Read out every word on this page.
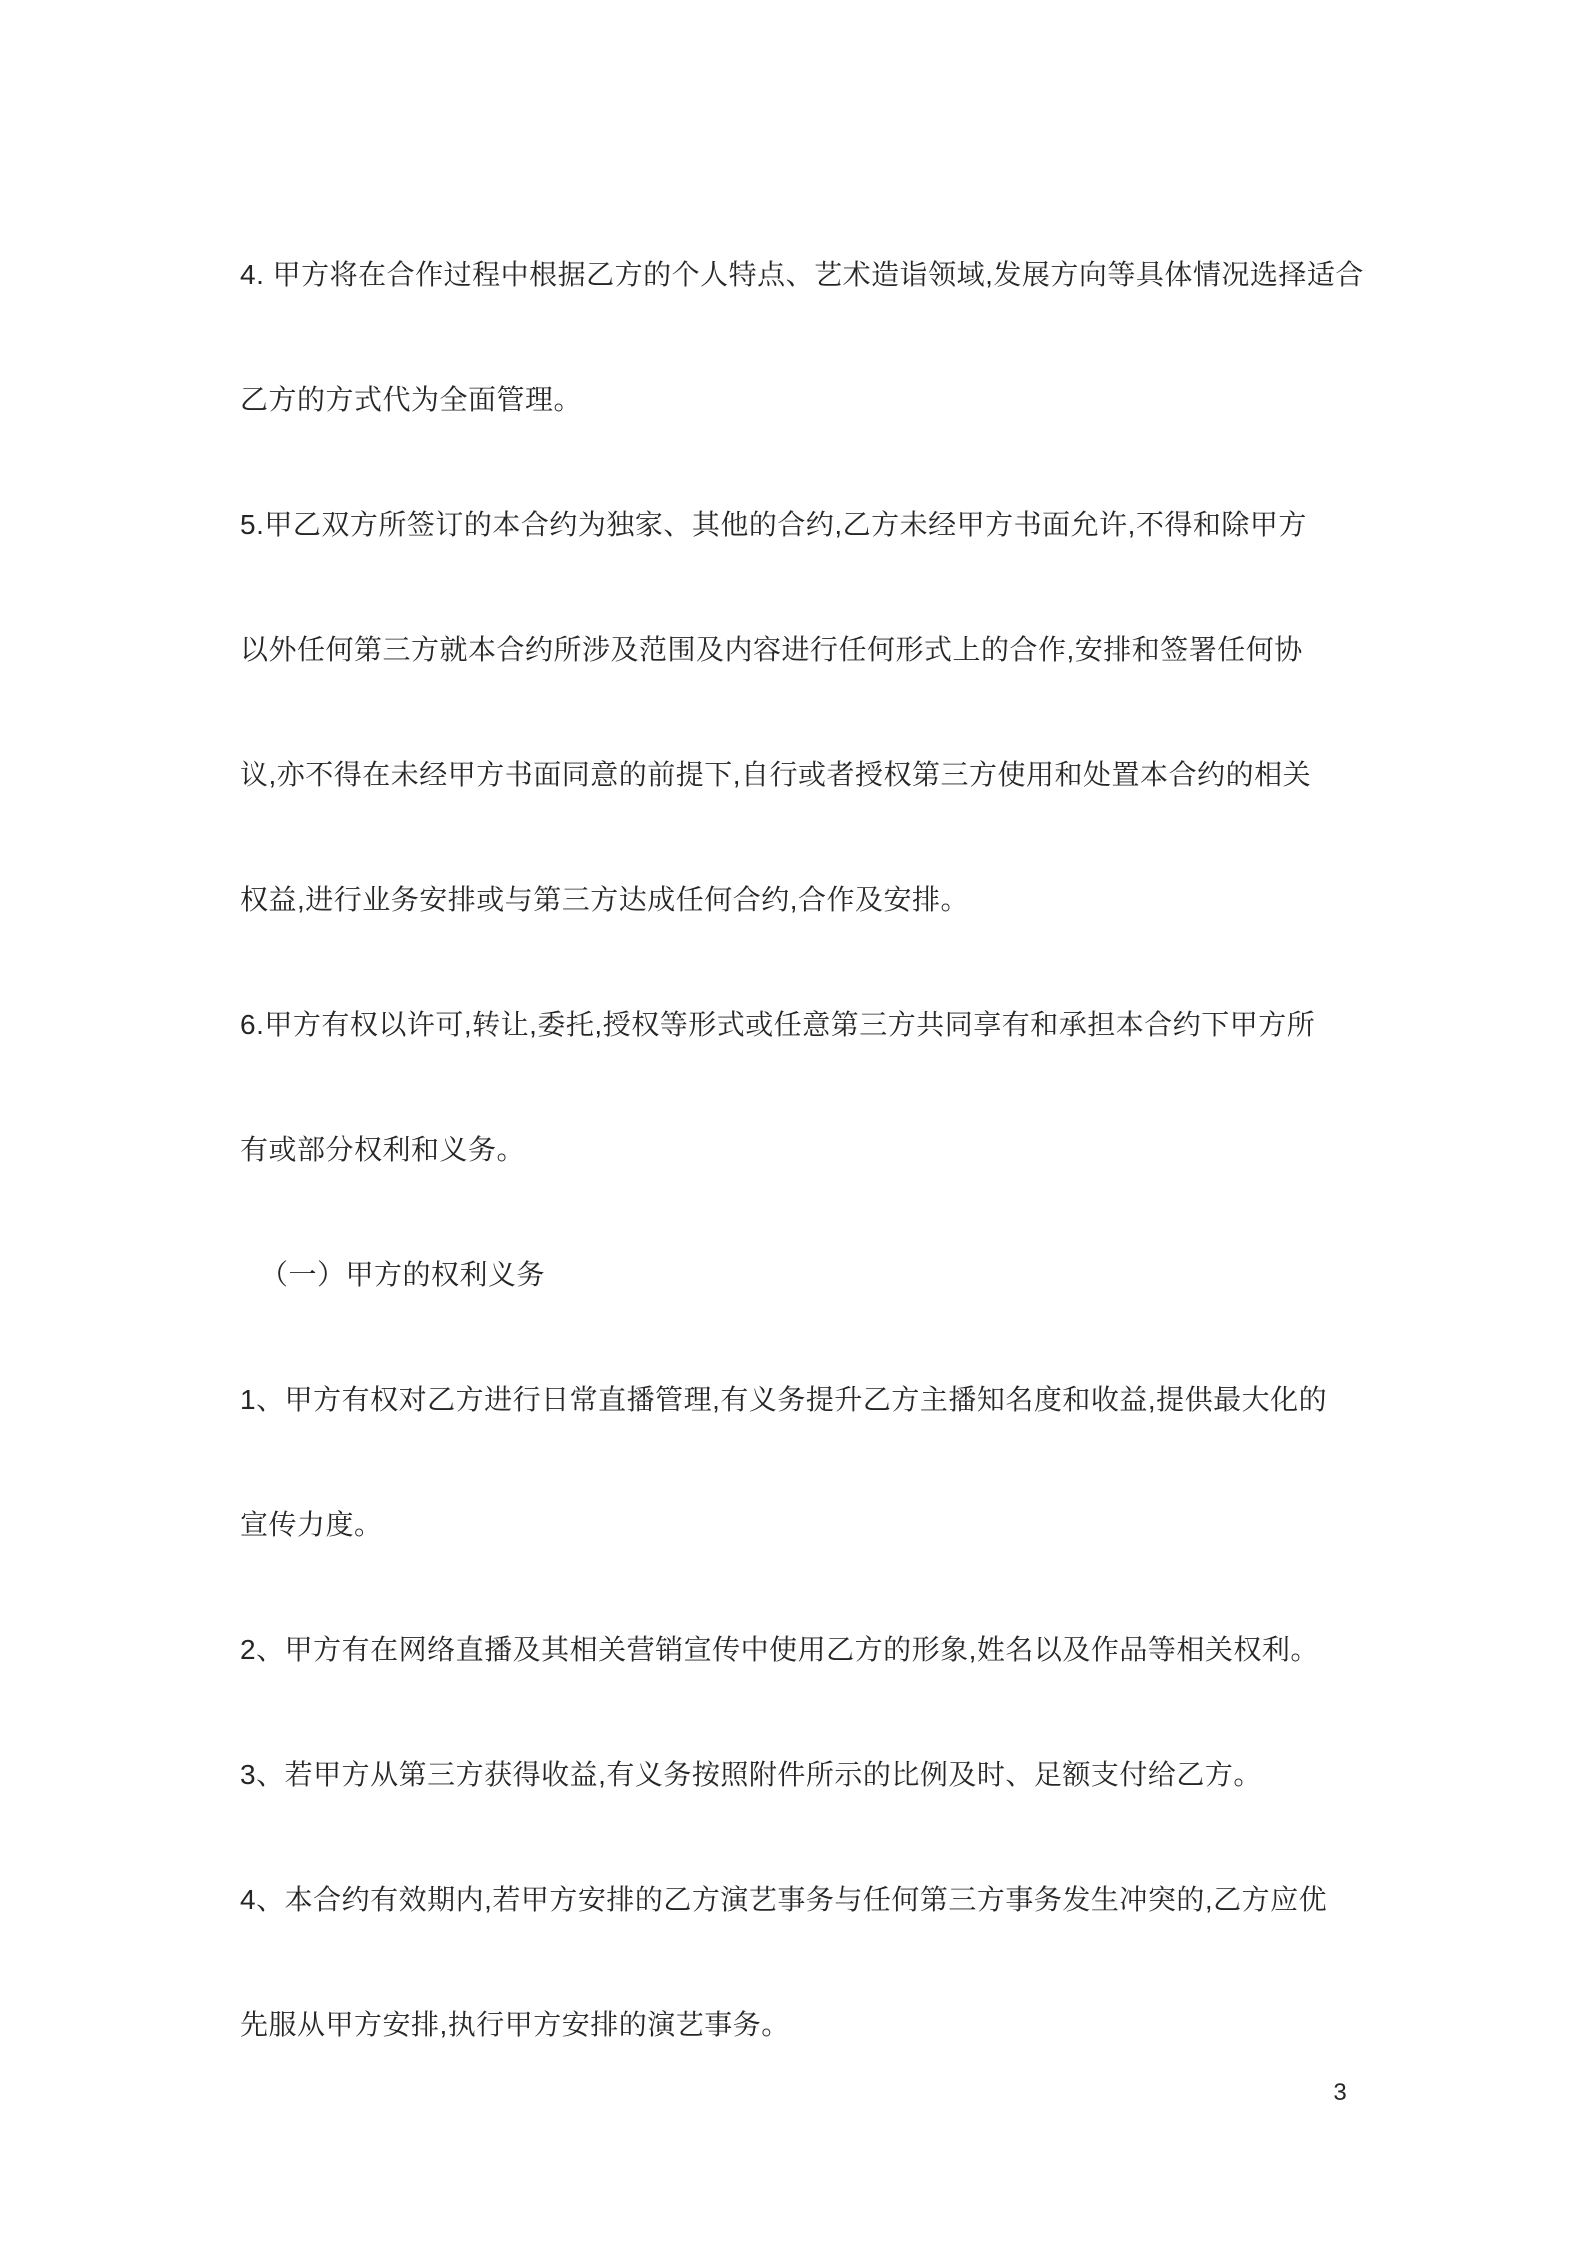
4. 甲方将在合作过程中根据乙方的个人特点、艺术造诣领域,发展方向等具体情况选择适合
乙方的方式代为全面管理。
5.甲乙双方所签订的本合约为独家、其他的合约,乙方未经甲方书面允许,不得和除甲方
以外任何第三方就本合约所涉及范围及内容进行任何形式上的合作,安排和签署任何协
议,亦不得在未经甲方书面同意的前提下,自行或者授权第三方使用和处置本合约的相关
权益,进行业务安排或与第三方达成任何合约,合作及安排。
6.甲方有权以许可,转让,委托,授权等形式或任意第三方共同享有和承担本合约下甲方所
有或部分权利和义务。
（一）甲方的权利义务
1、甲方有权对乙方进行日常直播管理,有义务提升乙方主播知名度和收益,提供最大化的
宣传力度。
2、甲方有在网络直播及其相关营销宣传中使用乙方的形象,姓名以及作品等相关权利。
3、若甲方从第三方获得收益,有义务按照附件所示的比例及时、足额支付给乙方。
4、本合约有效期内,若甲方安排的乙方演艺事务与任何第三方事务发生冲突的,乙方应优
先服从甲方安排,执行甲方安排的演艺事务。
3
